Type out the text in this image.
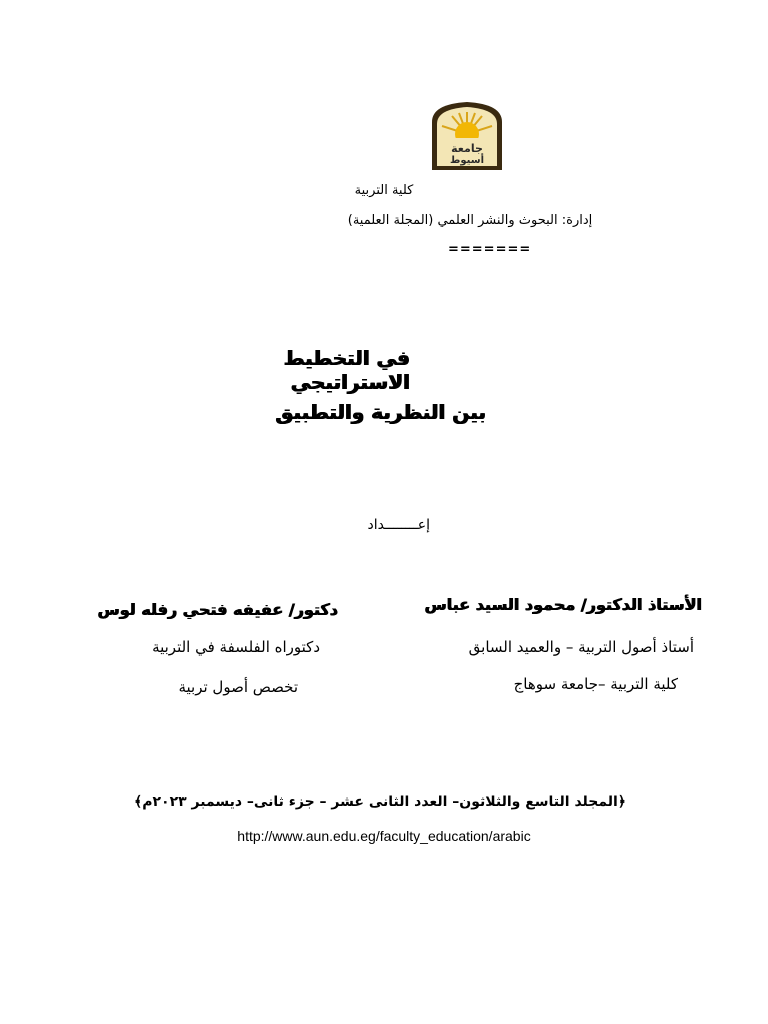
جامعة
أسيوط
كلية التربية
إدارة: البحوث والنشر العلمي (المجلة العلمية)
=======
في التخطيط الاستراتيجي
بين النظرية والتطبيق
إعــــــــداد
الأستاذ الدكتور/ محمود السيد عباس
أستاذ أصول التربية – والعميد السابق
كلية التربية –جامعة سوهاج
دكتور/ عفيفه فتحي رفله لوس
دكتوراه الفلسفة في التربية
تخصص أصول تربية
﴿المجلد التاسع والثلاثون– العدد الثانى عشر – جزء ثانى– ديسمبر ٢٠٢٣م﴾
http://www.aun.edu.eg/faculty_education/arabic
